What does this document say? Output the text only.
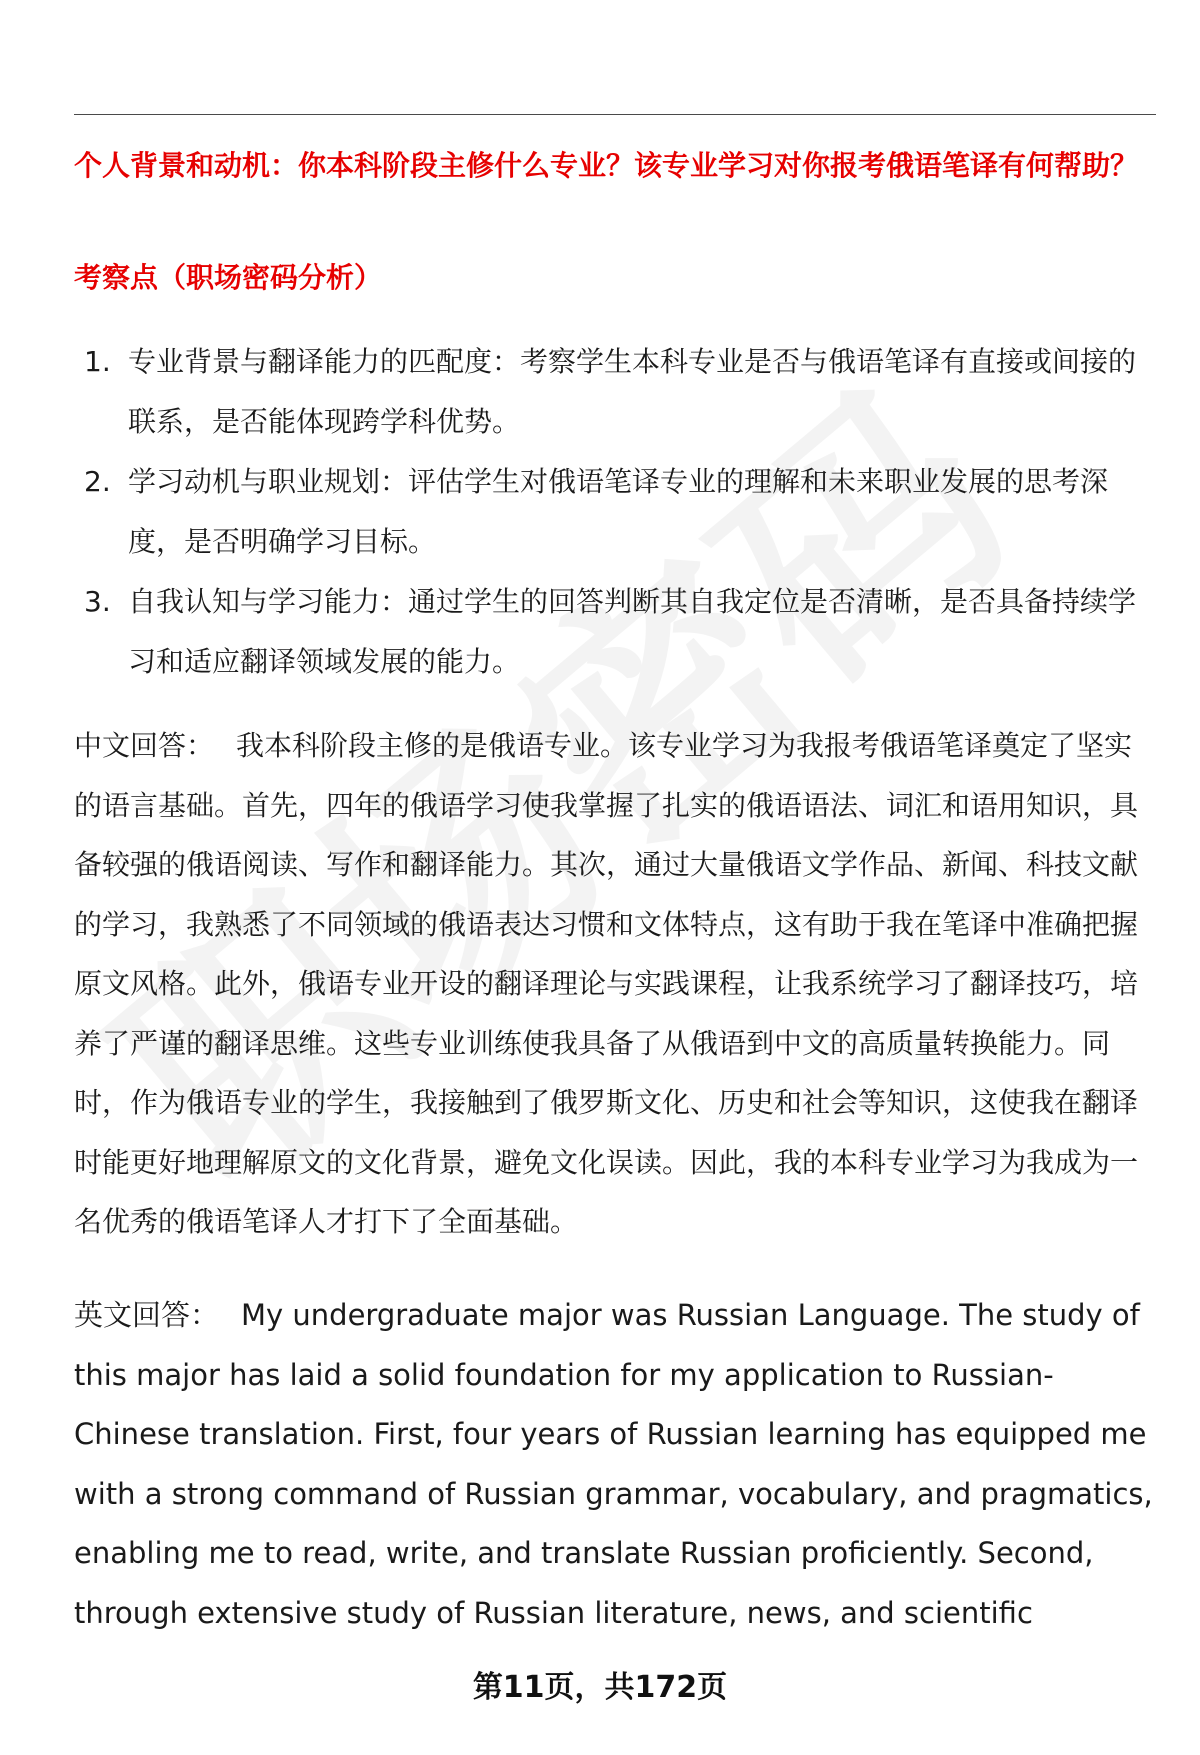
个人背景和动机：你本科阶段主修什么专业？该专业学习对你报考俄语笔译有何帮助？
考察点（职场密码分析）
1. 专业背景与翻译能力的匹配度：考察学生本科专业是否与俄语笔译有直接或间接的联系，是否能体现跨学科优势。
2. 学习动机与职业规划：评估学生对俄语笔译专业的理解和未来职业发展的思考深度，是否明确学习目标。
3. 自我认知与学习能力：通过学生的回答判断其自我定位是否清晰，是否具备持续学习和适应翻译领域发展的能力。
中文回答： 我本科阶段主修的是俄语专业。该专业学习为我报考俄语笔译奠定了坚实的语言基础。首先，四年的俄语学习使我掌握了扎实的俄语语法、词汇和语用知识，具备较强的俄语阅读、写作和翻译能力。其次，通过大量俄语文学作品、新闻、科技文献的学习，我熟悉了不同领域的俄语表达习惯和文体特点，这有助于我在笔译中准确把握原文风格。此外，俄语专业开设的翻译理论与实践课程，让我系统学习了翻译技巧，培养了严谨的翻译思维。这些专业训练使我具备了从俄语到中文的高质量转换能力。同时，作为俄语专业的学生，我接触到了俄罗斯文化、历史和社会等知识，这使我在翻译时能更好地理解原文的文化背景，避免文化误读。因此，我的本科专业学习为我成为一名优秀的俄语笔译人才打下了全面基础。
英文回答： My undergraduate major was Russian Language. The study of this major has laid a solid foundation for my application to Russian-Chinese translation. First, four years of Russian learning has equipped me with a strong command of Russian grammar, vocabulary, and pragmatics, enabling me to read, write, and translate Russian proficiently. Second, through extensive study of Russian literature, news, and scientific
第11页，共172页
